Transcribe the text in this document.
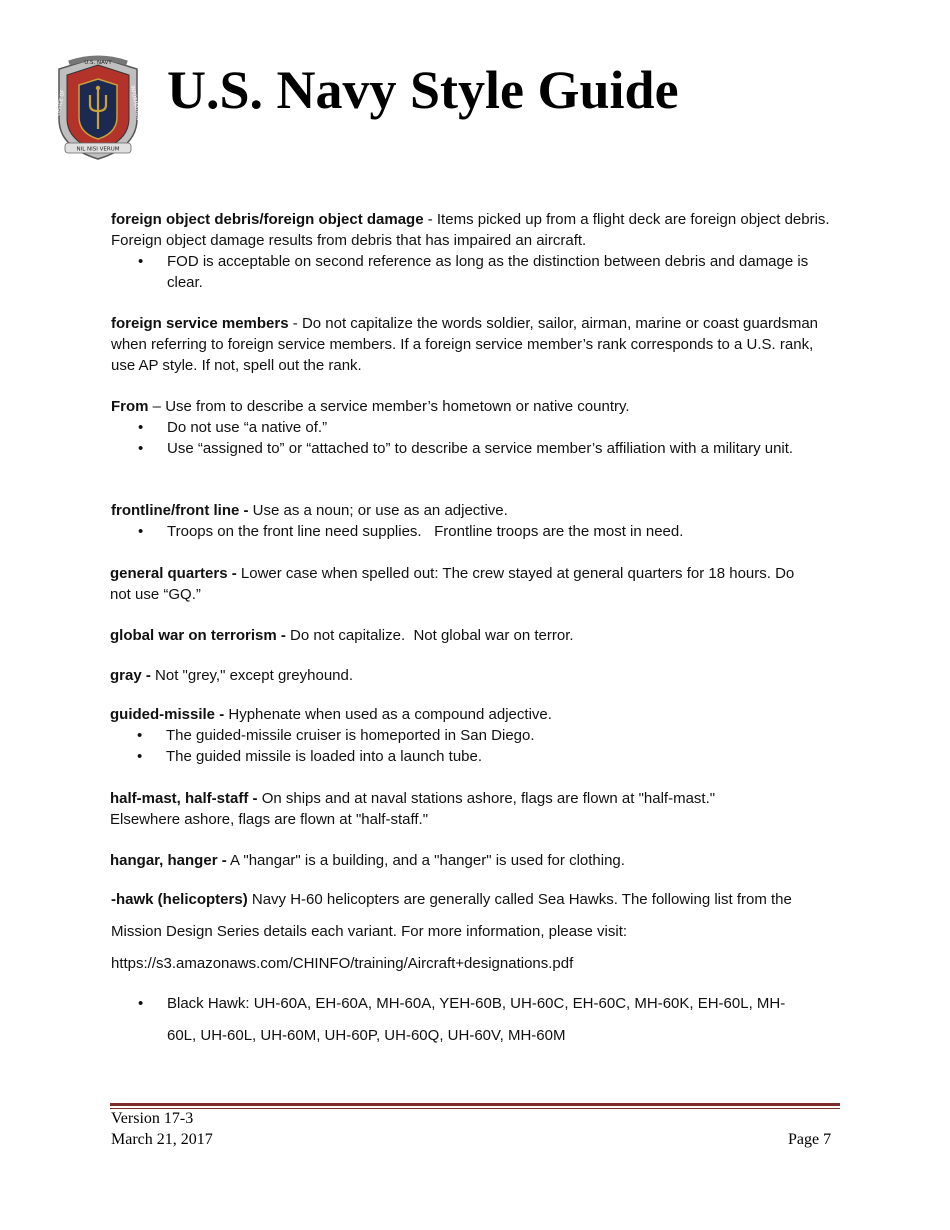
NIL NISI VERUM
U.S. NAVY
OFFICE OF	INFORMATION U.S. Navy Style Guide

foreign object debris/foreign object damage - Items picked up from a flight deck are foreign object debris. Foreign object damage results from debris that has impaired an aircraft.

• FOD is acceptable on second reference as long as the distinction between debris and damage is clear.

foreign service members - Do not capitalize the words soldier, sailor, airman, marine or coast guardsman when referring to foreign service members. If a foreign service member’s rank corresponds to a U.S. rank, use AP style. If not, spell out the rank.

From – Use from to describe a service member’s hometown or native country.

• Do not use “a native of.”
• Use “assigned to” or “attached to” to describe a service member’s affiliation with a military unit.

frontline/front line - Use as a noun; or use as an adjective.

• Troops on the front line need supplies.   Frontline troops are the most in need.

general quarters - Lower case when spelled out: The crew stayed at general quarters for 18 hours. Do not use “GQ.”

global war on terrorism - Do not capitalize.  Not global war on terror.

gray - Not "grey," except greyhound.

guided-missile - Hyphenate when used as a compound adjective.

• The guided-missile cruiser is homeported in San Diego.
• The guided missile is loaded into a launch tube.

half-mast, half-staff - On ships and at naval stations ashore, flags are flown at "half-mast." Elsewhere ashore, flags are flown at "half-staff."

hangar, hanger - A "hangar" is a building, and a "hanger" is used for clothing.

-hawk (helicopters) Navy H-60 helicopters are generally called Sea Hawks. The following list from the Mission Design Series details each variant. For more information, please visit: https://s3.amazonaws.com/CHINFO/training/Aircraft+designations.pdf

• Black Hawk: UH-60A, EH-60A, MH-60A, YEH-60B, UH-60C, EH-60C, MH-60K, EH-60L, MH-60L, UH-60L, UH-60M, UH-60P, UH-60Q, UH-60V, MH-60M
Version 17-3
March 21, 2017	Page 7
